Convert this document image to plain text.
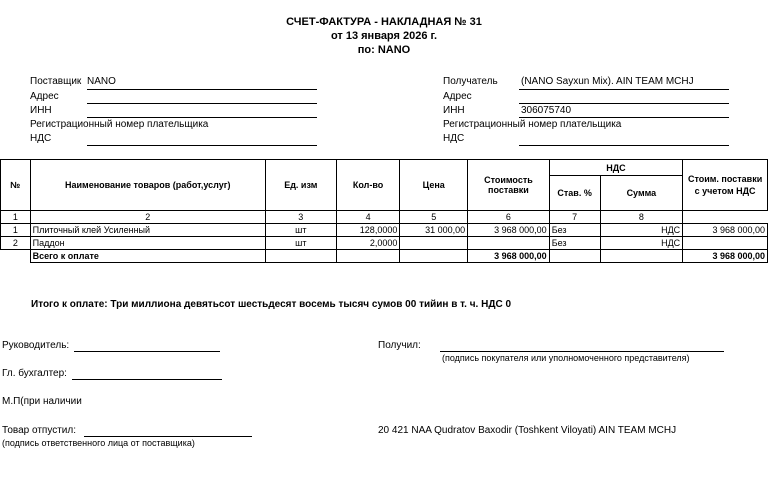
СЧЕТ-ФАКТУРА - НАКЛАДНАЯ № 31
от 13 января 2026 г.
по: NANO
Поставщик NANO
Адрес
ИНН
Регистрационный номер плательщика
НДС
Получатель (NANO Sayxun Mix). AIN TEAM MCHJ
Адрес
ИНН	306075740
Регистрационный номер плательщика
НДС
№	Наименование товаров (работ,услуг)	Ед. изм	Кол-во	Цена	Стоимость поставки	НДС		Стоим. поставки с учетом НДС
						Став. %	Сумма	
1	2	3	4	5	6	7	8	
1	Плиточный клей Усиленный	шт	128,0000	31 000,00	3 968 000,00	Без	НДС	3 968 000,00
2	Паддон	шт	2,0000			Без	НДС	
	Всего к оплате				3 968 000,00			3 968 000,00
Итого к оплате: Три миллиона девятьсот шестьдесят восемь тысяч сумов 00 тийин в т. ч. НДС 0
Руководитель:
Гл. бухгалтер:
М.П(при наличии
Товар отпустил:
(подпись ответственного лица от поставщика)
Получил:
(подпись покупателя или уполномоченного представителя)
20 421 NAA Qudratov Baxodir (Toshkent Viloyati) AIN TEAM MCHJ
